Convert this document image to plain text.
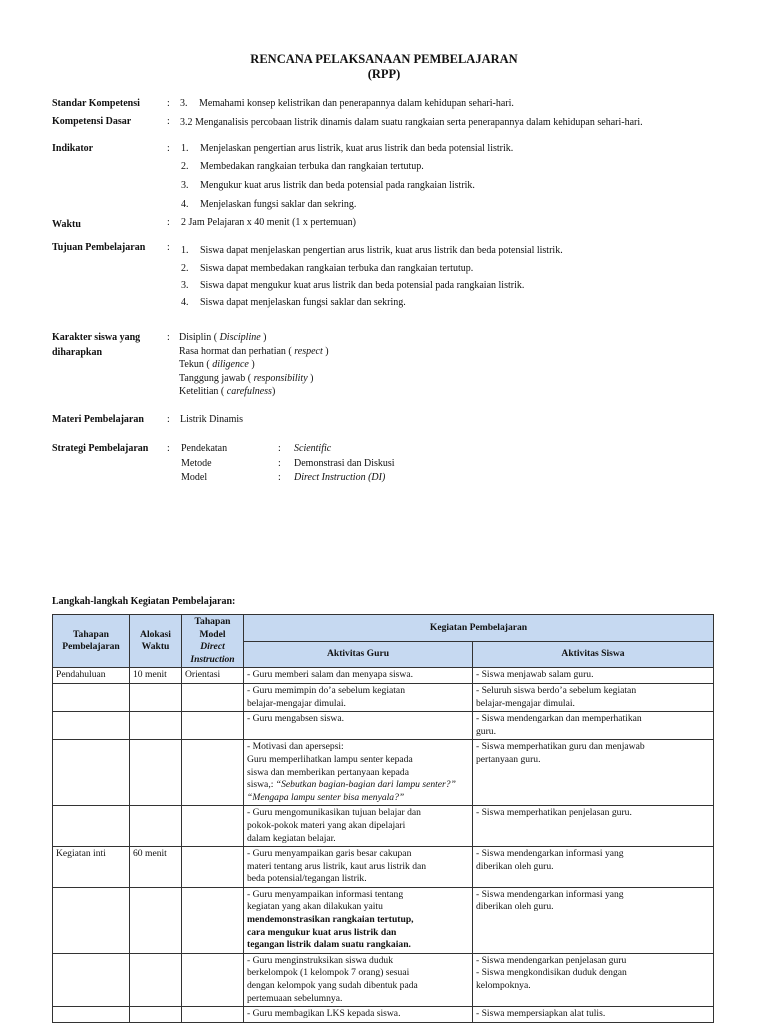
RENCANA PELAKSANAAN PEMBELAJARAN
(RPP)
Standar Kompetensi	: 3. Memahami konsep kelistrikan dan penerapannya dalam kehidupan sehari-hari.
Kompetensi Dasar	: 3.2 Menganalisis percobaan listrik dinamis dalam suatu rangkaian serta penerapannya dalam kehidupan sehari-hari.
Indikator	: 1. Menjelaskan pengertian arus listrik, kuat arus listrik dan beda potensial listrik.
2. Membedakan rangkaian terbuka dan rangkaian tertutup.
3. Mengukur kuat arus listrik dan beda potensial pada rangkaian listrik.
4. Menjelaskan fungsi saklar dan sekring.
Waktu	: 2 Jam Pelajaran x 40 menit (1 x pertemuan)
Tujuan Pembelajaran : 1. Siswa dapat menjelaskan pengertian arus listrik, kuat arus listrik dan beda potensial listrik.
2. Siswa dapat membedakan rangkaian terbuka dan rangkaian tertutup.
3. Siswa dapat mengukur kuat arus listrik dan beda potensial pada rangkaian listrik.
4. Siswa dapat menjelaskan fungsi saklar dan sekring.
Karakter siswa yang
diharapkan
: Disiplin ( Discipline )
Rasa hormat dan perhatian ( respect )
Tekun ( diligence )
Tanggung jawab ( responsibility )
Ketelitian ( carefulness)
Materi Pembelajaran : Listrik Dinamis
Strategi Pembelajaran : Pendekatan	: Scientific
Metode	: Demonstrasi dan Diskusi
Model	: Direct Instruction (DI)
Langkah-langkah Kegiatan Pembelajaran:
Tahapan Pembelajaran	Alokasi Waktu	Tahapan Model
Direct Instruction	Kegiatan Pembelajaran	
			Aktivitas Guru	Aktivitas Siswa
Pendahuluan	10 menit	Orientasi	- Guru memberi salam dan menyapa siswa.	- Siswa menjawab salam guru.
			- Guru memimpin do’a sebelum kegiatan
belajar-mengajar dimulai.	- Seluruh siswa berdo’a sebelum kegiatan
belajar-mengajar dimulai.
			- Guru mengabsen siswa.	- Siswa mendengarkan dan memperhatikan
guru.
			- Motivasi dan apersepsi:
Guru memperlihatkan lampu senter kepada
siswa dan memberikan pertanyaan kepada
siswa,: “Sebutkan bagian-bagian dari lampu senter?”
“Mengapa lampu senter bisa menyala?”	- Siswa memperhatikan guru dan menjawab
pertanyaan guru.
			- Guru mengomunikasikan tujuan belajar dan
pokok-pokok materi yang akan dipelajari
dalam kegiatan belajar.	- Siswa memperhatikan penjelasan guru.
Kegiatan inti	60 menit		- Guru menyampaikan garis besar cakupan
materi tentang arus listrik, kaut arus listrik dan
beda potensial/tegangan listrik.	- Siswa mendengarkan informasi yang
diberikan oleh guru.
			- Guru menyampaikan informasi tentang
kegiatan yang akan dilakukan yaitu
mendemonstrasikan rangkaian tertutup,
cara mengukur kuat arus listrik dan
tegangan listrik dalam suatu rangkaian.	- Siswa mendengarkan informasi yang
diberikan oleh guru.
			- Guru menginstruksikan siswa duduk
berkelompok (1 kelompok 7 orang) sesuai
dengan kelompok yang sudah dibentuk pada
pertemuaan sebelumnya.	- Siswa mendengarkan penjelasan guru
- Siswa mengkondisikan duduk dengan
kelompoknya.
			- Guru membagikan LKS kepada siswa.	- Siswa mempersiapkan alat tulis.
